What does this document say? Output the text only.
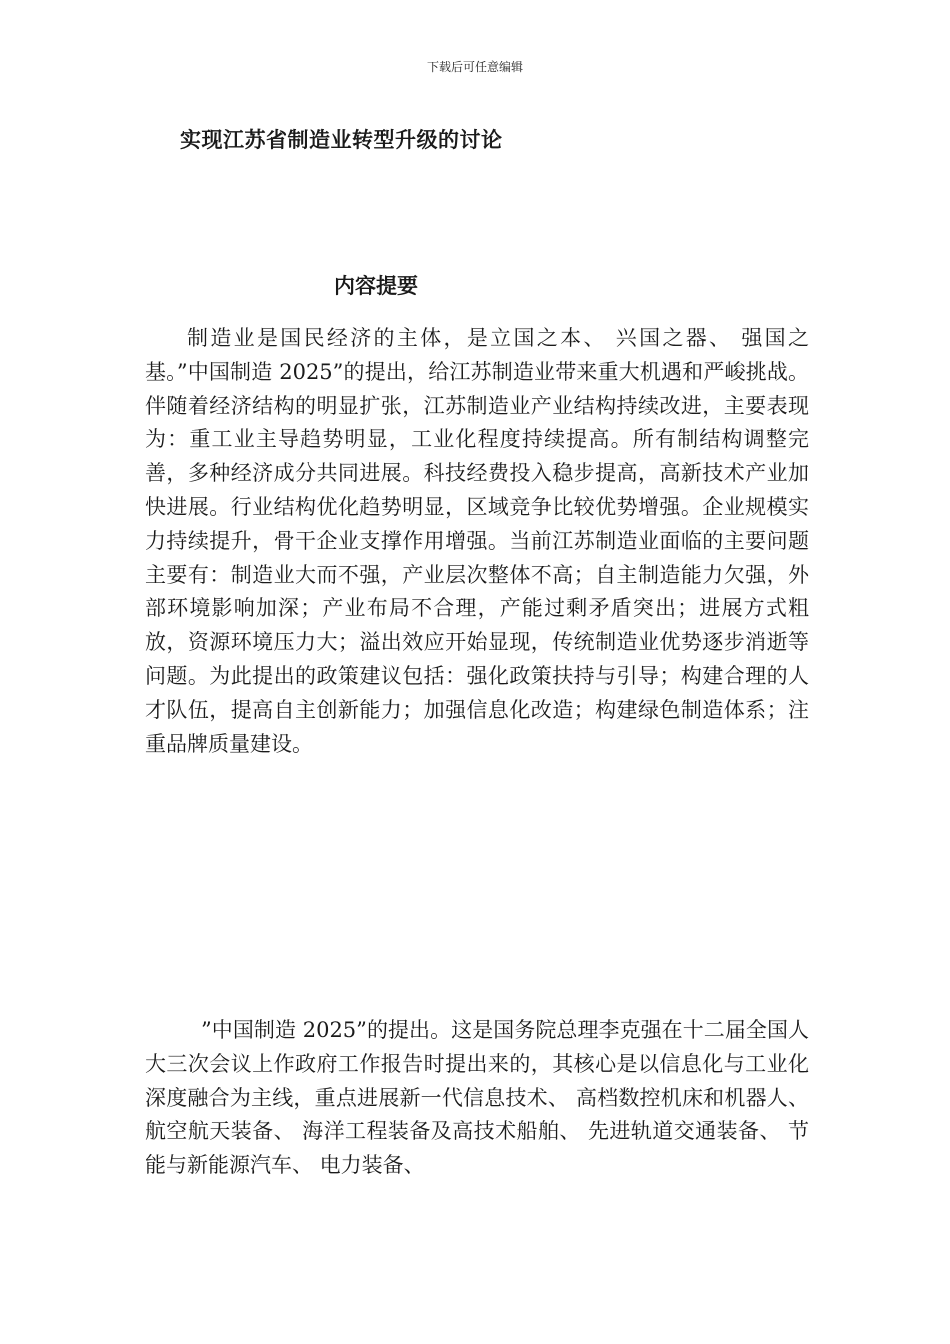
下载后可任意编辑
实现江苏省制造业转型升级的讨论
内容提要

制造业是国民经济的主体，是立国之本、 兴国之器、 强国之基。”中国制造 2025”的提出，给江苏制造业带来重大机遇和严峻挑战。伴随着经济结构的明显扩张，江苏制造业产业结构持续改进，主要表现为：重工业主导趋势明显，工业化程度持续提高。所有制结构调整完善，多种经济成分共同进展。科技经费投入稳步提高，高新技术产业加快进展。行业结构优化趋势明显，区域竞争比较优势增强。企业规模实力持续提升，骨干企业支撑作用增强。当前江苏制造业面临的主要问题主要有：制造业大而不强，产业层次整体不高；自主制造能力欠强，外部环境影响加深；产业布局不合理，产能过剩矛盾突出；进展方式粗放，资源环境压力大；溢出效应开始显现，传统制造业优势逐步消逝等问题。为此提出的政策建议包括：强化政策扶持与引导；构建合理的人才队伍，提高自主创新能力；加强信息化改造；构建绿色制造体系；注重品牌质量建设。

”中国制造 2025”的提出。这是国务院总理李克强在十二届全国人大三次会议上作政府工作报告时提出来的，其核心是以信息化与工业化深度融合为主线，重点进展新一代信息技术、 高档数控机床和机器人、 航空航天装备、 海洋工程装备及高技术船舶、 先进轨道交通装备、 节能与新能源汽车、 电力装备、
